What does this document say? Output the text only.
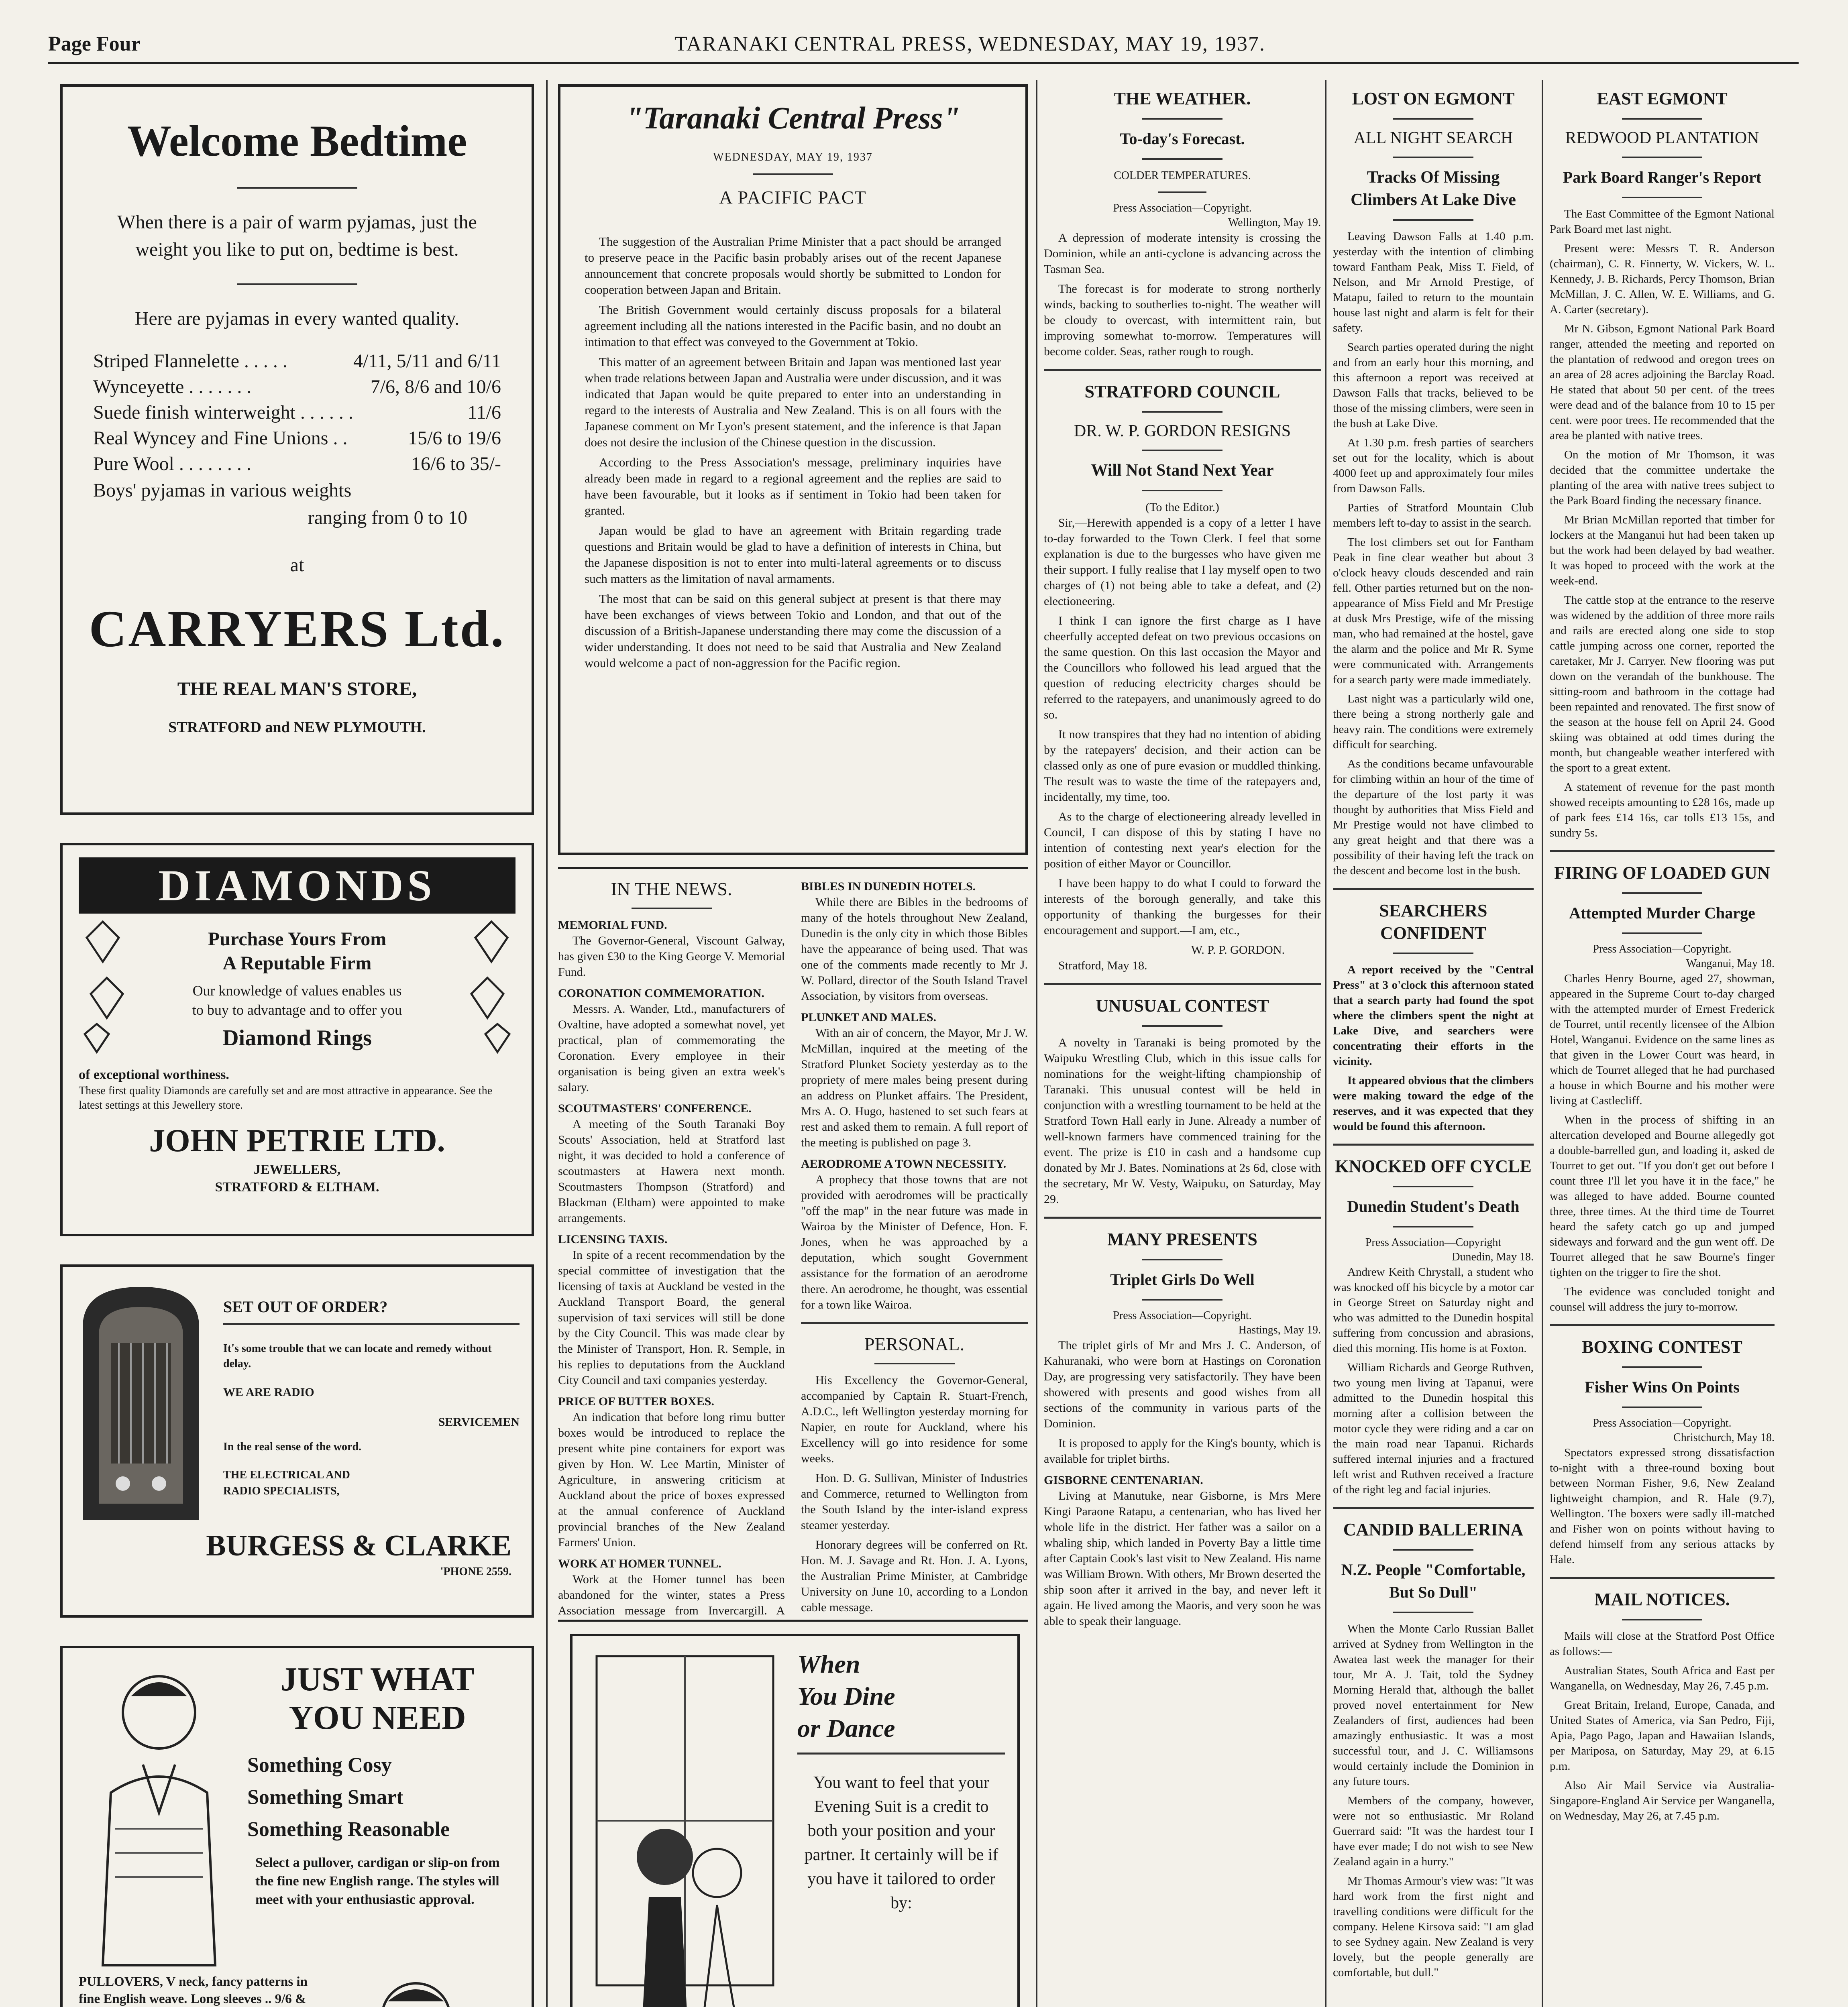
Page Four	TARANAKI CENTRAL PRESS, WEDNESDAY, MAY 19, 1937.
Welcome Bedtime
When there is a pair of warm pyjamas, just the weight you like to put on, bedtime is best.
Here are pyjamas in every wanted quality.
Striped Flannelette . . . . .	4/11, 5/11 and 6/11
Wynceyette . . . . . . .	7/6, 8/6 and 10/6
Suede finish winterweight . . . . . .	11/6
Real Wyncey and Fine Unions . .	15/6 to 19/6
Pure Wool . . . . . . . .	16/6 to 35/-
Boys' pyjamas in various weights
ranging from 0 to 10
at
CARRYERS Ltd.
THE REAL MAN'S STORE,
STRATFORD and NEW PLYMOUTH.
DIAMONDS
Purchase Yours From
A Reputable Firm
Our knowledge of values enables us
to buy to advantage and to offer you
Diamond Rings
of exceptional worthiness.
These first quality Diamonds are carefully set and are most attractive in appearance. See the latest settings at this Jewellery store.
JOHN PETRIE LTD.
JEWELLERS,
STRATFORD & ELTHAM.
SET OUT OF ORDER?
It's some trouble that we can locate and remedy without delay.
WE ARE RADIO
SERVICEMEN
In the real sense of the word.
THE ELECTRICAL AND
RADIO SPECIALISTS,
BURGESS & CLARKE
'PHONE 2559.
JUST WHAT
YOU NEED
Something Cosy
Something Smart
Something Reasonable
Select a pullover, cardigan or slip-on from the fine new English range. The styles will meet with your enthusiastic approval.
PULLOVERS, V neck, fancy patterns in fine English weave. Long sleeves .. 9/6 &
"Taranaki Central Press"
WEDNESDAY, MAY 19, 1937
A PACIFIC PACT

The suggestion of the Australian Prime Minister that a pact should be arranged to preserve peace in the Pacific basin probably arises out of the recent Japanese announcement that concrete proposals would shortly be submitted to London for cooperation between Japan and Britain.

The British Government would certainly discuss proposals for a bilateral agreement including all the nations interested in the Pacific basin, and no doubt an intimation to that effect was conveyed to the Government at Tokio.

This matter of an agreement between Britain and Japan was mentioned last year when trade relations between Japan and Australia were under discussion, and it was indicated that Japan would be quite prepared to enter into an understanding in regard to the interests of Australia and New Zealand. This is on all fours with the Japanese comment on Mr Lyon's present statement, and the inference is that Japan does not desire the inclusion of the Chinese question in the discussion.

According to the Press Association's message, preliminary inquiries have already been made in regard to a regional agreement and the replies are said to have been favourable, but it looks as if sentiment in Tokio had been taken for granted.

Japan would be glad to have an agreement with Britain regarding trade questions and Britain would be glad to have a definition of interests in China, but the Japanese disposition is not to enter into multi-lateral agreements or to discuss such matters as the limitation of naval armaments.

The most that can be said on this general subject at present is that there may have been exchanges of views between Tokio and London, and that out of the discussion of a British-Japanese understanding there may come the discussion of a wider understanding. It does not need to be said that Australia and New Zealand would welcome a pact of non-aggression for the Pacific region.

IN THE NEWS.
MEMORIAL FUND.

The Governor-General, Viscount Galway, has given £30 to the King George V. Memorial Fund.

CORONATION COMMEMORATION.

Messrs. A. Wander, Ltd., manufacturers of Ovaltine, have adopted a somewhat novel, yet practical, plan of commemorating the Coronation. Every employee in their organisation is being given an extra week's salary.

SCOUTMASTERS' CONFERENCE.

A meeting of the South Taranaki Boy Scouts' Association, held at Stratford last night, it was decided to hold a conference of scoutmasters at Hawera next month. Scoutmasters Thompson (Stratford) and Blackman (Eltham) were appointed to make arrangements.

LICENSING TAXIS.

In spite of a recent recommendation by the special committee of investigation that the licensing of taxis at Auckland be vested in the Auckland Transport Board, the general supervision of taxi services will still be done by the City Council. This was made clear by the Minister of Transport, Hon. R. Semple, in his replies to deputations from the Auckland City Council and taxi companies yesterday.

PRICE OF BUTTER BOXES.

An indication that before long rimu butter boxes would be introduced to replace the present white pine containers for export was given by Hon. W. Lee Martin, Minister of Agriculture, in answering criticism at Auckland about the price of boxes expressed at the annual conference of Auckland provincial branches of the New Zealand Farmers' Union.

WORK AT HOMER TUNNEL.

Work at the Homer tunnel has been abandoned for the winter, states a Press Association message from Invercargill. A

BIBLES IN DUNEDIN HOTELS.

While there are Bibles in the bedrooms of many of the hotels throughout New Zealand, Dunedin is the only city in which those Bibles have the appearance of being used. That was one of the comments made recently to Mr J. W. Pollard, director of the South Island Travel Association, by visitors from overseas.

PLUNKET AND MALES.

With an air of concern, the Mayor, Mr J. W. McMillan, inquired at the meeting of the Stratford Plunket Society yesterday as to the propriety of mere males being present during an address on Plunket affairs. The President, Mrs A. O. Hugo, hastened to set such fears at rest and asked them to remain. A full report of the meeting is published on page 3.

AERODROME A TOWN NECESSITY.

A prophecy that those towns that are not provided with aerodromes will be practically "off the map" in the near future was made in Wairoa by the Minister of Defence, Hon. F. Jones, when he was approached by a deputation, which sought Government assistance for the formation of an aerodrome there. An aerodrome, he thought, was essential for a town like Wairoa.

PERSONAL.

His Excellency the Governor-General, accompanied by Captain R. Stuart-French, A.D.C., left Wellington yesterday morning for Napier, en route for Auckland, where his Excellency will go into residence for some weeks.

Hon. D. G. Sullivan, Minister of Industries and Commerce, returned to Wellington from the South Island by the inter-island express steamer yesterday.

Honorary degrees will be conferred on Rt. Hon. M. J. Savage and Rt. Hon. J. A. Lyons, the Australian Prime Minister, at Cambridge University on June 10, according to a London cable message.

When
You Dine
or Dance
You want to feel that your Evening Suit is a credit to both your position and your partner. It certainly will be if you have it tailored to order by:
THE WEATHER.
To-day's Forecast.
COLDER TEMPERATURES.
Press Association—Copyright.
Wellington, May 19.

A depression of moderate intensity is crossing the Dominion, while an anti-cyclone is advancing across the Tasman Sea.

The forecast is for moderate to strong northerly winds, backing to southerlies to-night. The weather will be cloudy to overcast, with intermittent rain, but improving somewhat to-morrow. Temperatures will become colder. Seas, rather rough to rough.

STRATFORD COUNCIL
DR. W. P. GORDON RESIGNS
Will Not Stand Next Year
(To the Editor.)

Sir,—Herewith appended is a copy of a letter I have to-day forwarded to the Town Clerk. I feel that some explanation is due to the burgesses who have given me their support. I fully realise that I lay myself open to two charges of (1) not being able to take a defeat, and (2) electioneering.

I think I can ignore the first charge as I have cheerfully accepted defeat on two previous occasions on the same question. On this last occasion the Mayor and the Councillors who followed his lead argued that the question of reducing electricity charges should be referred to the ratepayers, and unanimously agreed to do so.

It now transpires that they had no intention of abiding by the ratepayers' decision, and their action can be classed only as one of pure evasion or muddled thinking. The result was to waste the time of the ratepayers and, incidentally, my time, too.

As to the charge of electioneering already levelled in Council, I can dispose of this by stating I have no intention of contesting next year's election for the position of either Mayor or Councillor.

I have been happy to do what I could to forward the interests of the borough generally, and take this opportunity of thanking the burgesses for their encouragement and support.—I am, etc.,

W. P. P. GORDON.

Stratford, May 18.

UNUSUAL CONTEST

A novelty in Taranaki is being promoted by the Waipuku Wrestling Club, which in this issue calls for nominations for the weight-lifting championship of Taranaki. This unusual contest will be held in conjunction with a wrestling tournament to be held at the Stratford Town Hall early in June. Already a number of well-known farmers have commenced training for the event. The prize is £10 in cash and a handsome cup donated by Mr J. Bates. Nominations at 2s 6d, close with the secretary, Mr W. Vesty, Waipuku, on Saturday, May 29.

MANY PRESENTS
Triplet Girls Do Well
Press Association—Copyright.
Hastings, May 19.

The triplet girls of Mr and Mrs J. C. Anderson, of Kahuranaki, who were born at Hastings on Coronation Day, are progressing very satisfactorily. They have been showered with presents and good wishes from all sections of the community in various parts of the Dominion.

It is proposed to apply for the King's bounty, which is available for triplet births.

GISBORNE CENTENARIAN.

Living at Manutuke, near Gisborne, is Mrs Mere Kingi Paraone Ratapu, a centenarian, who has lived her whole life in the district. Her father was a sailor on a whaling ship, which landed in Poverty Bay a little time after Captain Cook's last visit to New Zealand. His name was William Brown. With others, Mr Brown deserted the ship soon after it arrived in the bay, and never left it again. He lived among the Maoris, and very soon he was able to speak their language.

LOST ON EGMONT
ALL NIGHT SEARCH
Tracks Of Missing Climbers At Lake Dive

Leaving Dawson Falls at 1.40 p.m. yesterday with the intention of climbing toward Fantham Peak, Miss T. Field, of Nelson, and Mr Arnold Prestige, of Matapu, failed to return to the mountain house last night and alarm is felt for their safety.

Search parties operated during the night and from an early hour this morning, and this afternoon a report was received at Dawson Falls that tracks, believed to be those of the missing climbers, were seen in the bush at Lake Dive.

At 1.30 p.m. fresh parties of searchers set out for the locality, which is about 4000 feet up and approximately four miles from Dawson Falls.

Parties of Stratford Mountain Club members left to-day to assist in the search.

The lost climbers set out for Fantham Peak in fine clear weather but about 3 o'clock heavy clouds descended and rain fell. Other parties returned but on the non-appearance of Miss Field and Mr Prestige at dusk Mrs Prestige, wife of the missing man, who had remained at the hostel, gave the alarm and the police and Mr R. Syme were communicated with. Arrangements for a search party were made immediately.

Last night was a particularly wild one, there being a strong northerly gale and heavy rain. The conditions were extremely difficult for searching.

As the conditions became unfavourable for climbing within an hour of the time of the departure of the lost party it was thought by authorities that Miss Field and Mr Prestige would not have climbed to any great height and that there was a possibility of their having left the track on the descent and become lost in the bush.

SEARCHERS CONFIDENT

A report received by the "Central Press" at 3 o'clock this afternoon stated that a search party had found the spot where the climbers spent the night at Lake Dive, and searchers were concentrating their efforts in the vicinity.

It appeared obvious that the climbers were making toward the edge of the reserves, and it was expected that they would be found this afternoon.

KNOCKED OFF CYCLE
Dunedin Student's Death
Press Association—Copyright
Dunedin, May 18.

Andrew Keith Chrystall, a student who was knocked off his bicycle by a motor car in George Street on Saturday night and who was admitted to the Dunedin hospital suffering from concussion and abrasions, died this morning. His home is at Foxton.

William Richards and George Ruthven, two young men living at Tapanui, were admitted to the Dunedin hospital this morning after a collision between the motor cycle they were riding and a car on the main road near Tapanui. Richards suffered internal injuries and a fractured left wrist and Ruthven received a fracture of the right leg and facial injuries.

CANDID BALLERINA
N.Z. People "Comfortable, But So Dull"

When the Monte Carlo Russian Ballet arrived at Sydney from Wellington in the Awatea last week the manager for their tour, Mr A. J. Tait, told the Sydney Morning Herald that, although the ballet proved novel entertainment for New Zealanders of first, audiences had been amazingly enthusiastic. It was a most successful tour, and J. C. Williamsons would certainly include the Dominion in any future tours.

Members of the company, however, were not so enthusiastic. Mr Roland Guerrard said: "It was the hardest tour I have ever made; I do not wish to see New Zealand again in a hurry."

Mr Thomas Armour's view was: "It was hard work from the first night and travelling conditions were difficult for the company. Helene Kirsova said: "I am glad to see Sydney again. New Zealand is very lovely, but the people generally are comfortable, but dull."

EAST EGMONT
REDWOOD PLANTATION
Park Board Ranger's Report

The East Committee of the Egmont National Park Board met last night.

Present were: Messrs T. R. Anderson (chairman), C. R. Finnerty, W. Vickers, W. L. Kennedy, J. B. Richards, Percy Thomson, Brian McMillan, J. C. Allen, W. E. Williams, and G. A. Carter (secretary).

Mr N. Gibson, Egmont National Park Board ranger, attended the meeting and reported on the plantation of redwood and oregon trees on an area of 28 acres adjoining the Barclay Road. He stated that about 50 per cent. of the trees were dead and of the balance from 10 to 15 per cent. were poor trees. He recommended that the area be planted with native trees.

On the motion of Mr Thomson, it was decided that the committee undertake the planting of the area with native trees subject to the Park Board finding the necessary finance.

Mr Brian McMillan reported that timber for lockers at the Manganui hut had been taken up but the work had been delayed by bad weather. It was hoped to proceed with the work at the week-end.

The cattle stop at the entrance to the reserve was widened by the addition of three more rails and rails are erected along one side to stop cattle jumping across one corner, reported the caretaker, Mr J. Carryer. New flooring was put down on the verandah of the bunkhouse. The sitting-room and bathroom in the cottage had been repainted and renovated. The first snow of the season at the house fell on April 24. Good skiing was obtained at odd times during the month, but changeable weather interfered with the sport to a great extent.

A statement of revenue for the past month showed receipts amounting to £28 16s, made up of park fees £14 16s, car tolls £13 15s, and sundry 5s.

FIRING OF LOADED GUN
Attempted Murder Charge
Press Association—Copyright.
Wanganui, May 18.

Charles Henry Bourne, aged 27, showman, appeared in the Supreme Court to-day charged with the attempted murder of Ernest Frederick de Tourret, until recently licensee of the Albion Hotel, Wanganui. Evidence on the same lines as that given in the Lower Court was heard, in which de Tourret alleged that he had purchased a house in which Bourne and his mother were living at Castlecliff.

When in the process of shifting in an altercation developed and Bourne allegedly got a double-barrelled gun, and loading it, asked de Tourret to get out. "If you don't get out before I count three I'll let you have it in the face," he was alleged to have added. Bourne counted three, three times. At the third time de Tourret heard the safety catch go up and jumped sideways and forward and the gun went off. De Tourret alleged that he saw Bourne's finger tighten on the trigger to fire the shot.

The evidence was concluded tonight and counsel will address the jury to-morrow.

BOXING CONTEST
Fisher Wins On Points
Press Association—Copyright.
Christchurch, May 18.

Spectators expressed strong dissatisfaction to-night with a three-round boxing bout between Norman Fisher, 9.6, New Zealand lightweight champion, and R. Hale (9.7), Wellington. The boxers were sadly ill-matched and Fisher won on points without having to defend himself from any serious attacks by Hale.

MAIL NOTICES.

Mails will close at the Stratford Post Office as follows:—

Australian States, South Africa and East per Wanganella, on Wednesday, May 26, 7.45 p.m.

Great Britain, Ireland, Europe, Canada, and United States of America, via San Pedro, Fiji, Apia, Pago Pago, Japan and Hawaiian Islands, per Mariposa, on Saturday, May 29, at 6.15 p.m.

Also Air Mail Service via Australia-Singapore-England Air Service per Wanganella, on Wednesday, May 26, at 7.45 p.m.
